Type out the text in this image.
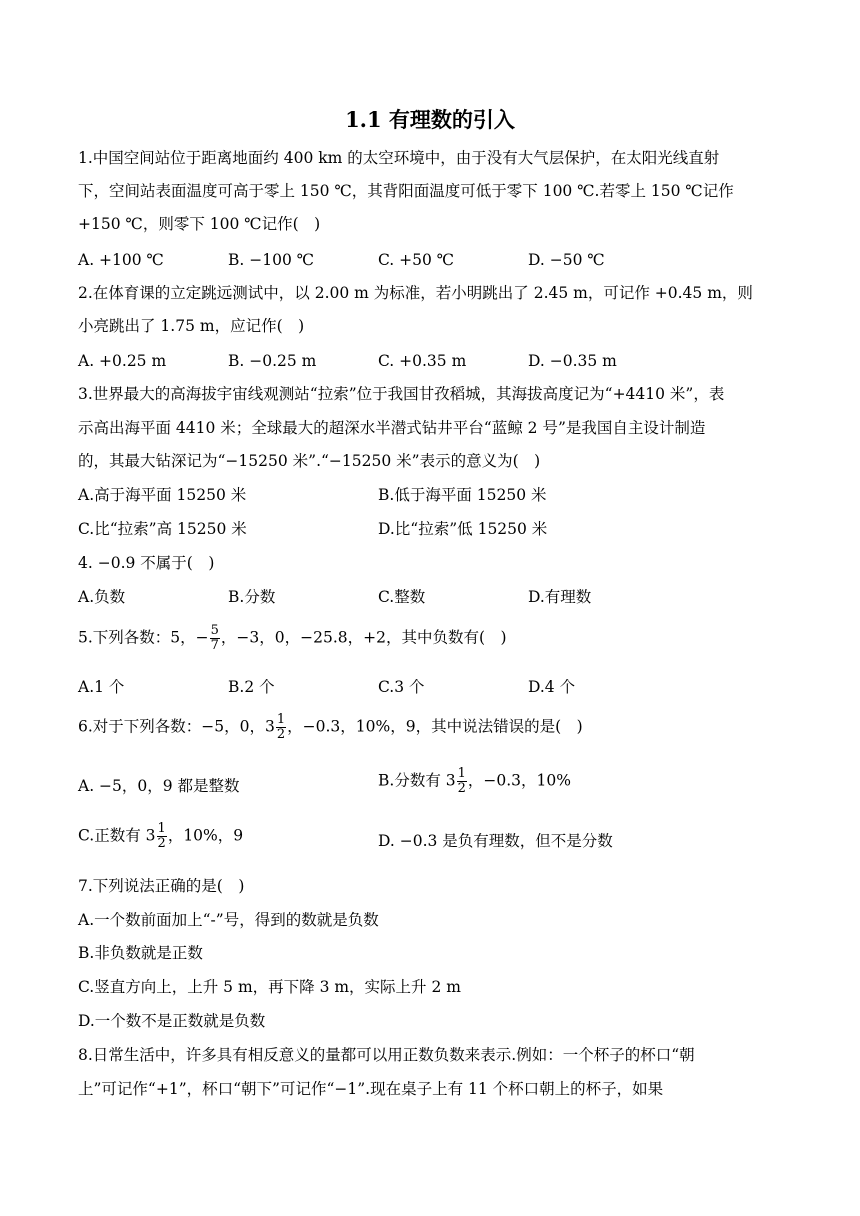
1.1 有理数的引入
1.中国空间站位于距离地面约 400 km 的太空环境中，由于没有大气层保护，在太阳光线直射
下，空间站表面温度可高于零上 150 ℃，其背阳面温度可低于零下 100 ℃.若零上 150 ℃记作
+150 ℃，则零下 100 ℃记作(　)
A. +100 ℃	B. −100 ℃	C. +50 ℃	D. −50 ℃
2.在体育课的立定跳远测试中，以 2.00 m 为标准，若小明跳出了 2.45 m，可记作 +0.45 m，则
小亮跳出了 1.75 m，应记作(　)
A. +0.25 m	B. −0.25 m	C. +0.35 m	D. −0.35 m
3.世界最大的高海拔宇宙线观测站“拉索”位于我国甘孜稻城，其海拔高度记为“+4410 米”，表
示高出海平面 4410 米；全球最大的超深水半潜式钻井平台“蓝鲸 2 号”是我国自主设计制造
的，其最大钻深记为“−15250 米”.“−15250 米”表示的意义为(　)
A.高于海平面 15250 米	B.低于海平面 15250 米
C.比“拉索”高 15250 米	D.比“拉索”低 15250 米
4. −0.9 不属于(　)
A.负数	B.分数	C.整数	D.有理数
5.下列各数：5，− $\frac{5}{7}$ ，−3，0，−25.8，+2，其中负数有(　)
A.1 个	B.2 个	C.3 个	D.4 个
6.对于下列各数：−5，0，$3 \frac{1}{2}$ ，−0.3，10%，9，其中说法错误的是(　)
A. −5，0，9 都是整数	B.分数有 $3 \frac{1}{2}$ ，−0.3，10%
C.正数有 $3 \frac{1}{2}$ ，10%，9	D. −0.3 是负有理数，但不是分数
7.下列说法正确的是(　)
A.一个数前面加上“-”号，得到的数就是负数
B.非负数就是正数
C.竖直方向上，上升 5 m，再下降 3 m，实际上升 2 m
D.一个数不是正数就是负数
8.日常生活中，许多具有相反意义的量都可以用正数负数来表示.例如：一个杯子的杯口“朝
上”可记作“+1”，杯口“朝下”可记作“−1”.现在桌子上有 11 个杯口朝上的杯子，如果
